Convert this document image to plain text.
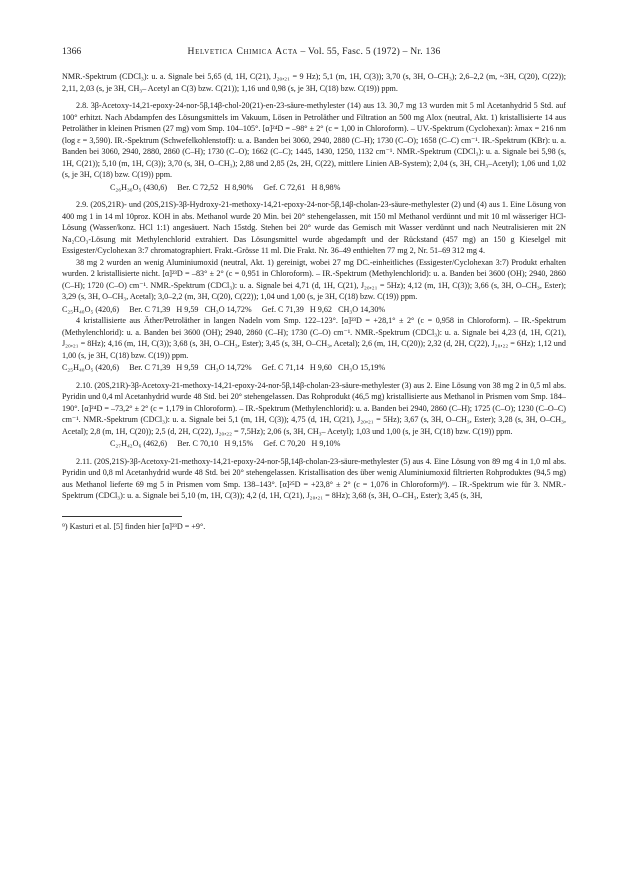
1366	Helvetica Chimica Acta – Vol. 55, Fasc. 5 (1972) – Nr. 136

NMR.-Spektrum (CDCl₃): u. a. Signale bei 5,65 (d, 1H, C(21), J₂₀,₂₁ = 9 Hz); 5,1 (m, 1H, C(3)); 3,70 (s, 3H, O–CH₃); 2,6–2,2 (m, ~3H, C(20), C(22)); 2,11, 2,03 (s, je 3H, CH₃– Acetyl an C(3) bzw. C(21)); 1,16 und 0,98 (s, je 3H, C(18) bzw. C(19)) ppm.

2.8. 3β-Acetoxy-14,21-epoxy-24-nor-5β,14β-chol-20(21)-en-23-säure-methylester (14) aus 13. 30,7 mg 13 wurden mit 5 ml Acetanhydrid 5 Std. auf 100° erhitzt. Nach Abdampfen des Lösungsmittels im Vakuum, Lösen in Petroläther und Filtration an 500 mg Alox (neutral, Akt. 1) kristallisierte 14 aus Petroläther in kleinen Prismen (27 mg) vom Smp. 104–105°. [α]²⁴D = –98° ± 2° (c = 1,00 in Chloroform). – UV.-Spektrum (Cyclohexan): λmax = 216 nm (log ε = 3,590). IR.-Spektrum (Schwefelkohlenstoff): u. a. Banden bei 3060, 2940, 2880 (C–H); 1730 (C–O); 1658 (C–C) cm⁻¹. IR.-Spektrum (KBr): u. a. Banden bei 3060, 2940, 2880, 2860 (C–H); 1730 (C–O); 1662 (C–C); 1445, 1430, 1250, 1132 cm⁻¹. NMR.-Spektrum (CDCl₃): u. a. Signale bei 5,98 (s, 1H, C(21)); 5,10 (m, 1H, C(3)); 3,70 (s, 3H, O–CH₃); 2,88 und 2,85 (2s, 2H, C(22), mittlere Linien AB-System); 2,04 (s, 3H, CH₃–Acetyl); 1,06 und 1,02 (s, je 3H, C(18) bzw. C(19)) ppm.

C₂₆H₃₆O₅ (430,6)     Ber. C 72,52   H 8,90%     Gef. C 72,61   H 8,98%

2.9. (20S,21R)- und (20S,21S)-3β-Hydroxy-21-methoxy-14,21-epoxy-24-nor-5β,14β-cholan-23-säure-methylester (2) und (4) aus 1. Eine Lösung von 400 mg 1 in 14 ml 10proz. KOH in abs. Methanol wurde 20 Min. bei 20° stehengelassen, mit 150 ml Methanol verdünnt und mit 10 ml wässeriger HCl-Lösung (Wasser/konz. HCl 1:1) angesäuert. Nach 15stdg. Stehen bei 20° wurde das Gemisch mit Wasser verdünnt und nach Neutralisieren mit 2N Na₂CO₃-Lösung mit Methylenchlorid extrahiert. Das Lösungsmittel wurde abgedampft und der Rückstand (457 mg) an 150 g Kieselgel mit Essigester/Cyclohexan 3:7 chromatographiert. Frakt.-Grösse 11 ml. Die Frakt. Nr. 36–49 enthielten 77 mg 2, Nr. 51–69 312 mg 4.

38 mg 2 wurden an wenig Aluminiumoxid (neutral, Akt. 1) gereinigt, wobei 27 mg DC.-einheitliches (Essigester/Cyclohexan 3:7) Produkt erhalten wurden. 2 kristallisierte nicht. [α]²³D = –83° ± 2° (c = 0,951 in Chloroform). – IR.-Spektrum (Methylenchlorid): u. a. Banden bei 3600 (OH); 2940, 2860 (C–H); 1720 (C–O) cm⁻¹. NMR.-Spektrum (CDCl₃): u. a. Signale bei 4,71 (d, 1H, C(21), J₂₀,₂₁ = 5Hz); 4,12 (m, 1H, C(3)); 3,66 (s, 3H, O–CH₃, Ester); 3,29 (s, 3H, O–CH₃, Acetal); 3,0–2,2 (m, 3H, C(20), C(22)); 1,04 und 1,00 (s, je 3H, C(18) bzw. C(19)) ppm.

C₂₅H₄₀O₅ (420,6)     Ber. C 71,39   H 9,59   CH₃O 14,72%     Gef. C 71,39   H 9,62   CH₃O 14,30%

4 kristallisierte aus Äther/Petroläther in langen Nadeln vom Smp. 122–123°. [α]²³D = +28,1° ± 2° (c = 0,958 in Chloroform). – IR.-Spektrum (Methylenchlorid): u. a. Banden bei 3600 (OH); 2940, 2860 (C–H); 1730 (C–O) cm⁻¹. NMR.-Spektrum (CDCl₃): u. a. Signale bei 4,23 (d, 1H, C(21), J₂₀,₂₁ = 8Hz); 4,16 (m, 1H, C(3)); 3,68 (s, 3H, O–CH₃, Ester); 3,45 (s, 3H, O–CH₃, Acetal); 2,6 (m, 1H, C(20)); 2,32 (d, 2H, C(22), J₂₀,₂₂ = 6Hz); 1,12 und 1,00 (s, je 3H, C(18) bzw. C(19)) ppm.

C₂₅H₄₀O₅ (420,6)     Ber. C 71,39   H 9,59   CH₃O 14,72%     Gef. C 71,14   H 9,60   CH₃O 15,19%

2.10. (20S,21R)-3β-Acetoxy-21-methoxy-14,21-epoxy-24-nor-5β,14β-cholan-23-säure-methylester (3) aus 2. Eine Lösung von 38 mg 2 in 0,5 ml abs. Pyridin und 0,4 ml Acetanhydrid wurde 48 Std. bei 20° stehengelassen. Das Rohprodukt (46,5 mg) kristallisierte aus Methanol in Prismen vom Smp. 184–190°. [α]²⁴D = –73,2° ± 2° (c = 1,179 in Chloroform). – IR.-Spektrum (Methylenchlorid): u. a. Banden bei 2940, 2860 (C–H); 1725 (C–O); 1230 (C–O–C) cm⁻¹. NMR.-Spektrum (CDCl₃): u. a. Signale bei 5,1 (m, 1H, C(3)); 4,75 (d, 1H, C(21), J₂₀,₂₁ = 5Hz); 3,67 (s, 3H, O–CH₃, Ester); 3,28 (s, 3H, O–CH₃, Acetal); 2,8 (m, 1H, C(20)); 2,5 (d, 2H, C(22), J₂₀,₂₂ = 7,5Hz); 2,06 (s, 3H, CH₃– Acetyl); 1,03 und 1,00 (s, je 3H, C(18) bzw. C(19)) ppm.

C₂₇H₄₂O₆ (462,6)     Ber. C 70,10   H 9,15%     Gef. C 70,20   H 9,10%

2.11. (20S,21S)-3β-Acetoxy-21-methoxy-14,21-epoxy-24-nor-5β,14β-cholan-23-säure-methylester (5) aus 4. Eine Lösung von 89 mg 4 in 1,0 ml abs. Pyridin und 0,8 ml Acetanhydrid wurde 48 Std. bei 20° stehengelassen. Kristallisation des über wenig Aluminiumoxid filtrierten Rohproduktes (94,5 mg) aus Methanol lieferte 69 mg 5 in Prismen vom Smp. 138–143°. [α]²⁵D = +23,8° ± 2° (c = 1,076 in Chloroform)⁹). – IR.-Spektrum wie für 3. NMR.-Spektrum (CDCl₃): u. a. Signale bei 5,10 (m, 1H, C(3)); 4,2 (d, 1H, C(21), J₂₀,₂₁ = 8Hz); 3,68 (s, 3H, O–CH₃, Ester); 3,45 (s, 3H,

⁹) Kasturi et al. [5] finden hier [α]²³D = +9°.
